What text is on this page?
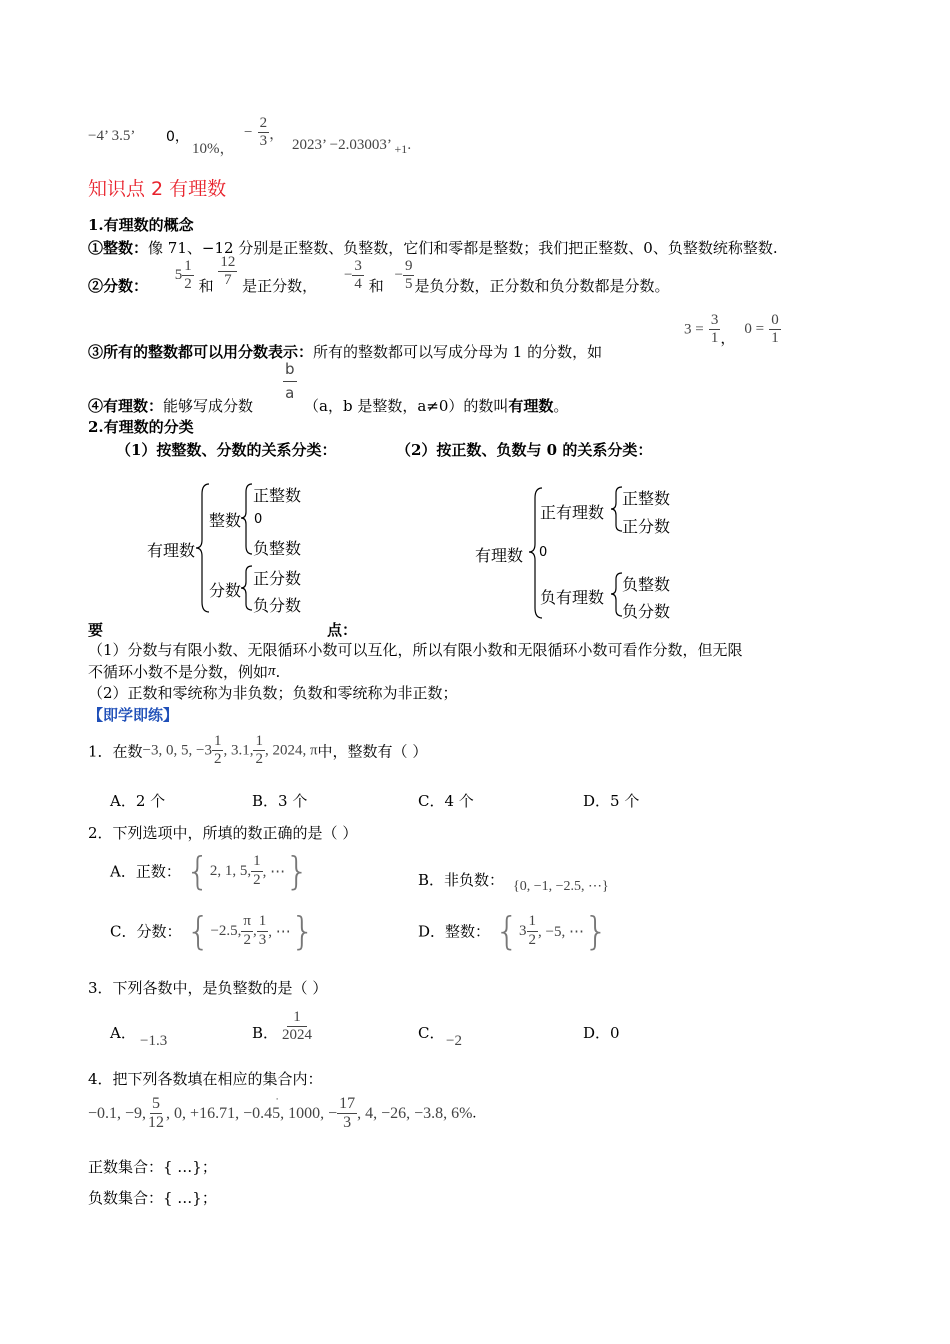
−4’ 3.5’ 0，
10%，
− $\frac{2}{3}$ ，
2023’ −2.03003’ $_{+1}$.
知识点 2 有理数
1.有理数的概念
①整数：像 71、−12 分别是正整数、负整数，它们和零都是整数；我们把正整数、0、负整数统称整数.
②分数： $5 \frac{1}{2}$ 和 $\frac{12}{7}$ 是正分数， − $\frac{3}{4}$ 和 − $\frac{9}{5}$ 是负分数，正分数和负分数都是分数。
③所有的整数都可以用分数表示：所有的整数都可以写成分母为 1 的分数，如
$3 = \frac{3}{1}$ ， $0 = \frac{0}{1}$
④有理数：能够写成分数
$\frac{b}{a}$
（a，b 是整数，a≠0）的数叫有理数。
2.有理数的分类
（1）按整数、分数的关系分类：	（2）按正数、负数与 0 的关系分类：
有理数
整数
正整数
0
负整数
分数
正分数
负分数
有理数
正有理数
正整数
正分数
0
负有理数
负整数
负分数
要	点：
（1）分数与有限小数、无限循环小数可以互化，所以有限小数和无限循环小数可看作分数，但无限
不循环小数不是分数，例如π.
（2）正数和零统称为非负数；负数和零统称为非正数；
【即学即练】
1．在数−3, 0, 5, $-3 \frac{1}{2}$ , 3.1, $\frac{1}{2}$ , 2024, π中，整数有（ ）
A．2 个	B．3 个	C．4 个	D．5 个
2．下列选项中，所填的数正确的是（ ）
A．正数： { 2, 1, 5, $\frac{1}{2}$ , ⋯ }	B．非负数： {0, −1, −2.5, ⋯}
C．分数： { −2.5, $\frac{\pi}{2}$ , $\frac{1}{3}$ , ⋯ }	D．整数： { $3 \frac{1}{2}$ , −5, ⋯ }
3．下列各数中，是负整数的是（ ）
A． −1.3	B． $\frac{1}{2024}$	C． −2	D．0
4．把下列各数填在相应的集合内：
−0.1, −9, $\frac{5}{12}$ , 0, +16.71, −0.45
˙
, 1000, − $\frac{17}{3}$ , 4, −26, −3.8, 6%.
正数集合：{ …}；
负数集合：{ …}；
